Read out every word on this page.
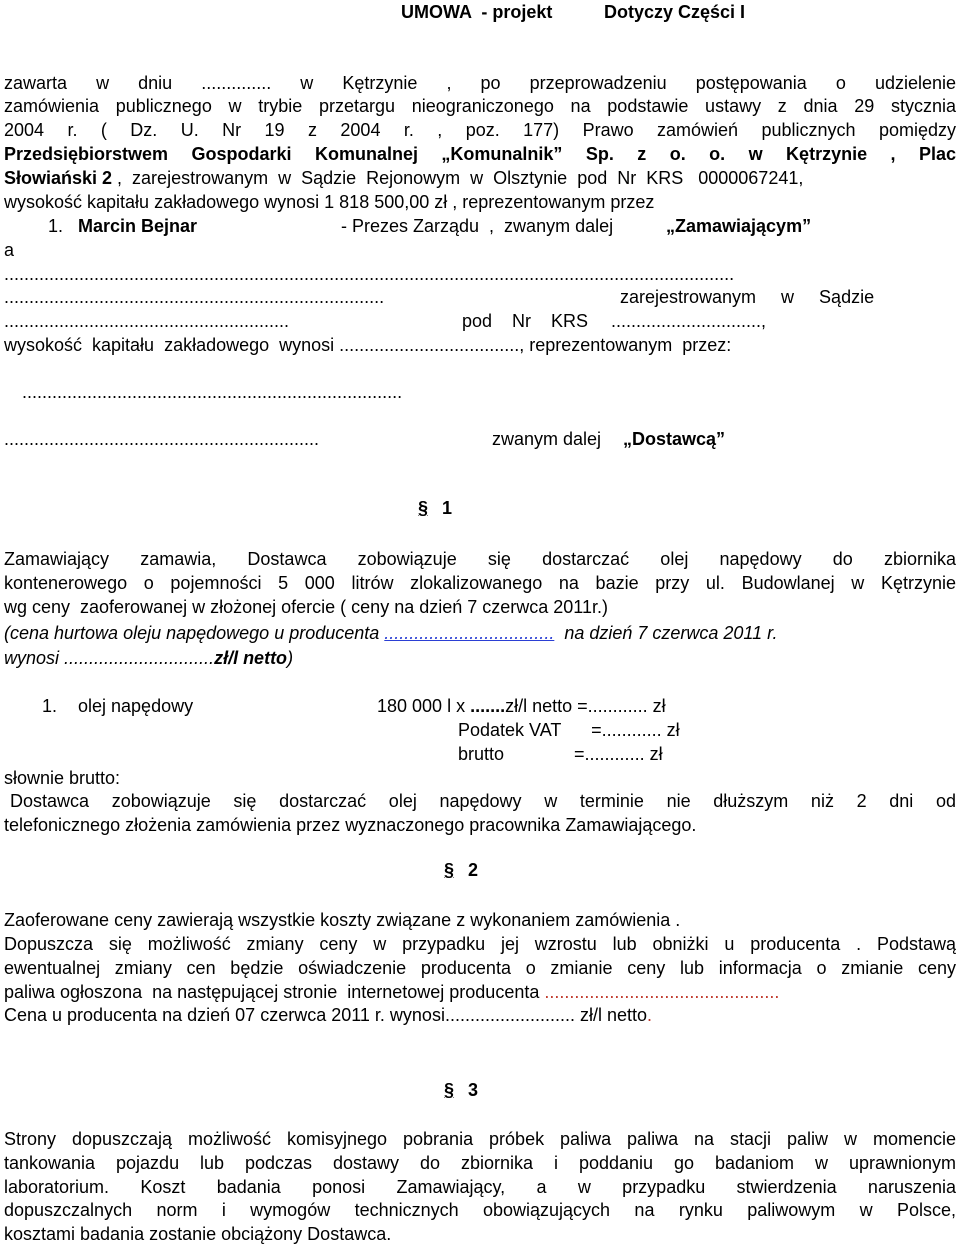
UMOWA  - projekt	Dotyczy Części I
zawarta w dniu .............. w Kętrzynie , po przeprowadzeniu postępowania o udzielenie
zamówienia publicznego w trybie przetargu nieograniczonego na podstawie ustawy z dnia 29 stycznia
2004 r. ( Dz. U. Nr 19 z 2004 r. , poz. 177) Prawo zamówień publicznych pomiędzy
Przedsiębiorstwem Gospodarki Komunalnej „Komunalnik” Sp. z o. o. w Kętrzynie , Plac
Słowiański 2 ,  zarejestrowanym  w  Sądzie  Rejonowym  w  Olsztynie  pod  Nr  KRS   0000067241,
wysokość kapitału zakładowego wynosi 1 818 500,00 zł , reprezentowanym przez
1. Marcin Bejnar	- Prezes Zarządu  ,  zwanym dalej	„Zamawiającym”
a
..................................................................................................................................................
............................................................................	zarejestrowanym     w     Sądzie
.........................................................	pod    Nr    KRS ..............................,
wysokość  kapitału  zakładowego  wynosi ...................................., reprezentowanym  przez:
............................................................................
...............................................................	zwanym dalej „Dostawcą”
§ 1
Zamawiający zamawia, Dostawca zobowiązuje się dostarczać olej napędowy do zbiornika
kontenerowego o pojemności 5 000 litrów zlokalizowanego na bazie przy ul. Budowlanej w Kętrzynie
wg ceny  zaoferowanej w złożonej ofercie ( ceny na dzień 7 czerwca 2011r.)
(cena hurtowa oleju napędowego u producenta ..................................  na dzień 7 czerwca 2011 r.
wynosi ..............................zł/l netto)
1. olej napędowy	180 000 l x .......zł/l netto =............ zł
Podatek VAT      =............ zł
brutto              =............ zł
słownie brutto:
Dostawca zobowiązuje się dostarczać olej napędowy w terminie nie dłuższym niż 2 dni od
telefonicznego złożenia zamówienia przez wyznaczonego pracownika Zamawiającego.
§ 2
Zaoferowane ceny zawierają wszystkie koszty związane z wykonaniem zamówienia .
Dopuszcza się możliwość zmiany ceny w przypadku jej wzrostu lub obniżki u producenta . Podstawą
ewentualnej zmiany cen będzie oświadczenie producenta o zmianie ceny lub informacja o zmianie ceny
paliwa ogłoszona  na następującej stronie  internetowej producenta ...............................................
Cena u producenta na dzień 07 czerwca 2011 r. wynosi.......................... zł/l netto.
§ 3
Strony dopuszczają możliwość komisyjnego pobrania próbek paliwa paliwa na stacji paliw w momencie
tankowania pojazdu lub podczas dostawy do zbiornika i poddaniu go badaniom w uprawnionym
laboratorium. Koszt badania ponosi Zamawiający, a w przypadku stwierdzenia naruszenia
dopuszczalnych norm i wymogów technicznych obowiązujących na rynku paliwowym w Polsce,
kosztami badania zostanie obciążony Dostawca.
